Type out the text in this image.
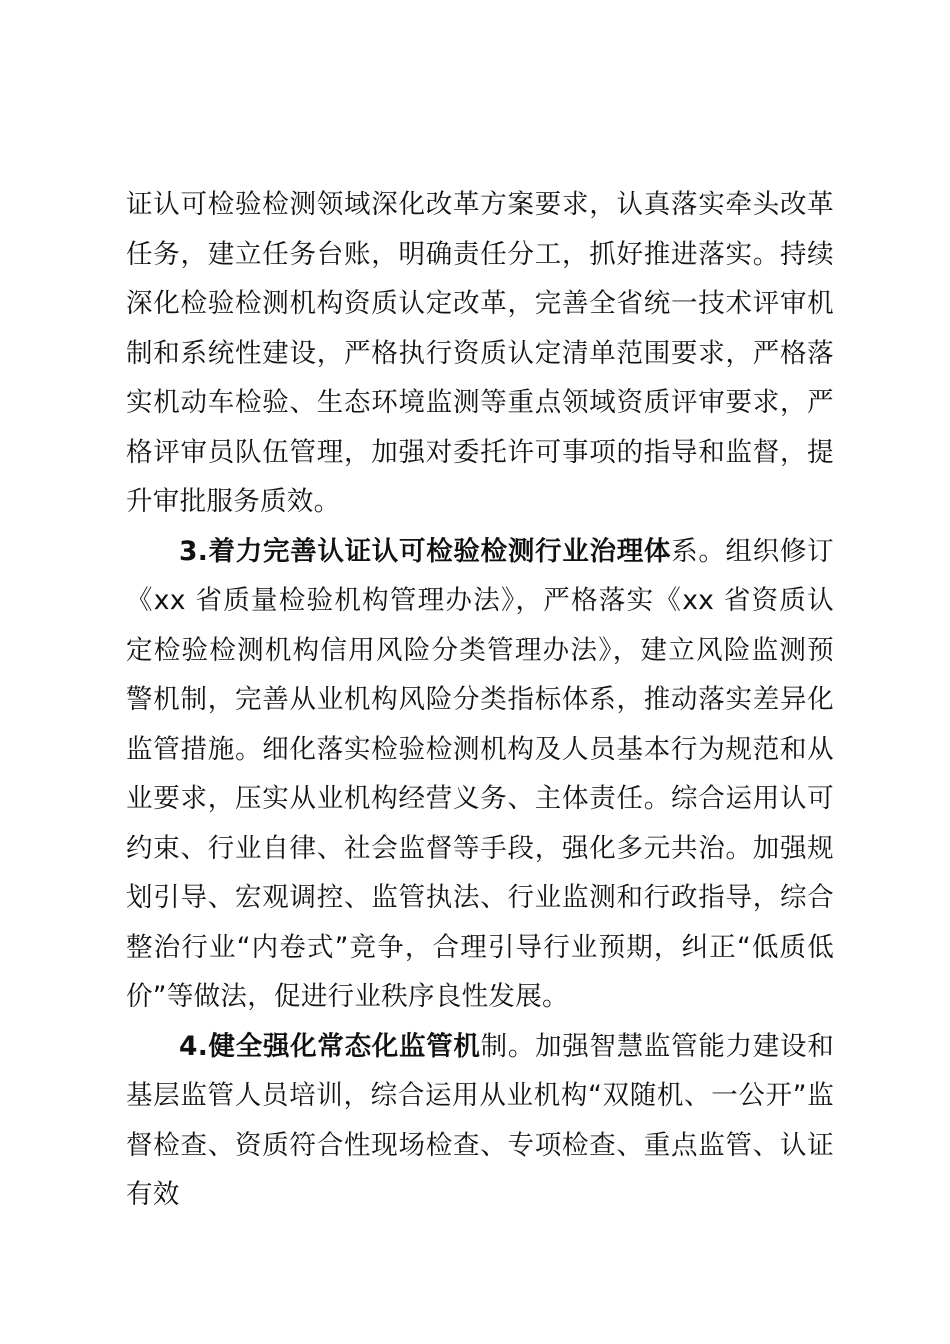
证认可检验检测领域深化改革方案要求，认真落实牵头改革任务，建立任务台账，明确责任分工，抓好推进落实。持续深化检验检测机构资质认定改革，完善全省统一技术评审机制和系统性建设，严格执行资质认定清单范围要求，严格落实机动车检验、生态环境监测等重点领域资质评审要求，严格评审员队伍管理，加强对委托许可事项的指导和监督，提升审批服务质效。

3.着力完善认证认可检验检测行业治理体系。组织修订《xx 省质量检验机构管理办法》，严格落实《xx 省资质认定检验检测机构信用风险分类管理办法》，建立风险监测预警机制，完善从业机构风险分类指标体系，推动落实差异化监管措施。细化落实检验检测机构及人员基本行为规范和从业要求，压实从业机构经营义务、主体责任。综合运用认可约束、行业自律、社会监督等手段，强化多元共治。加强规划引导、宏观调控、监管执法、行业监测和行政指导，综合整治行业“内卷式”竞争，合理引导行业预期，纠正“低质低价”等做法，促进行业秩序良性发展。

4.健全强化常态化监管机制。加强智慧监管能力建设和基层监管人员培训，综合运用从业机构“双随机、一公开”监督检查、资质符合性现场检查、专项检查、重点监管、认证有效
